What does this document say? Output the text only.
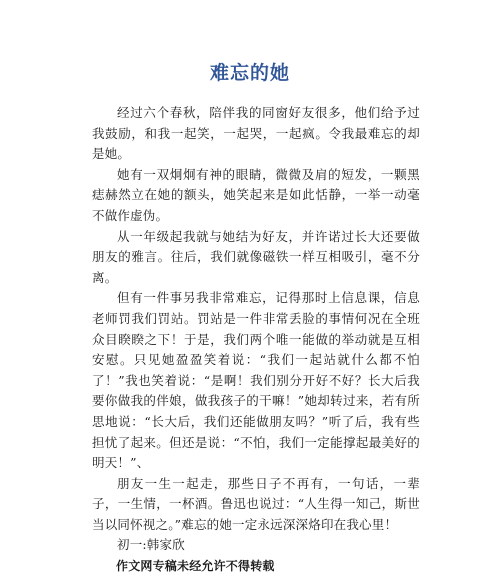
难忘的她

经过六个春秋，陪伴我的同窗好友很多，他们给予过我鼓励，和我一起笑，一起哭，一起疯。令我最难忘的却是她。

她有一双炯炯有神的眼睛，微微及肩的短发，一颗黑痣赫然立在她的额头，她笑起来是如此恬静，一举一动毫不做作虚伪。

从一年级起我就与她结为好友，并许诺过长大还要做朋友的雅言。往后，我们就像磁铁一样互相吸引，毫不分离。

但有一件事另我非常难忘，记得那时上信息课，信息老师罚我们罚站。罚站是一件非常丢脸的事情何况在全班众目睽睽之下！于是，我们两个唯一能做的举动就是互相安慰。只见她盈盈笑着说：“我们一起站就什么都不怕了！”我也笑着说：“是啊！我们别分开好不好？长大后我要你做我的伴娘，做我孩子的干嘛！”她却转过来，若有所思地说：“长大后，我们还能做朋友吗？”听了后，我有些担忧了起来。但还是说：“不怕，我们一定能撑起最美好的明天！”、

朋友一生一起走，那些日子不再有，一句话，一辈子，一生情，一杯酒。鲁迅也说过：“人生得一知己，斯世当以同怀视之。”难忘的她一定永远深深烙印在我心里！

初一:韩家欣

作文网专稿未经允许不得转载
